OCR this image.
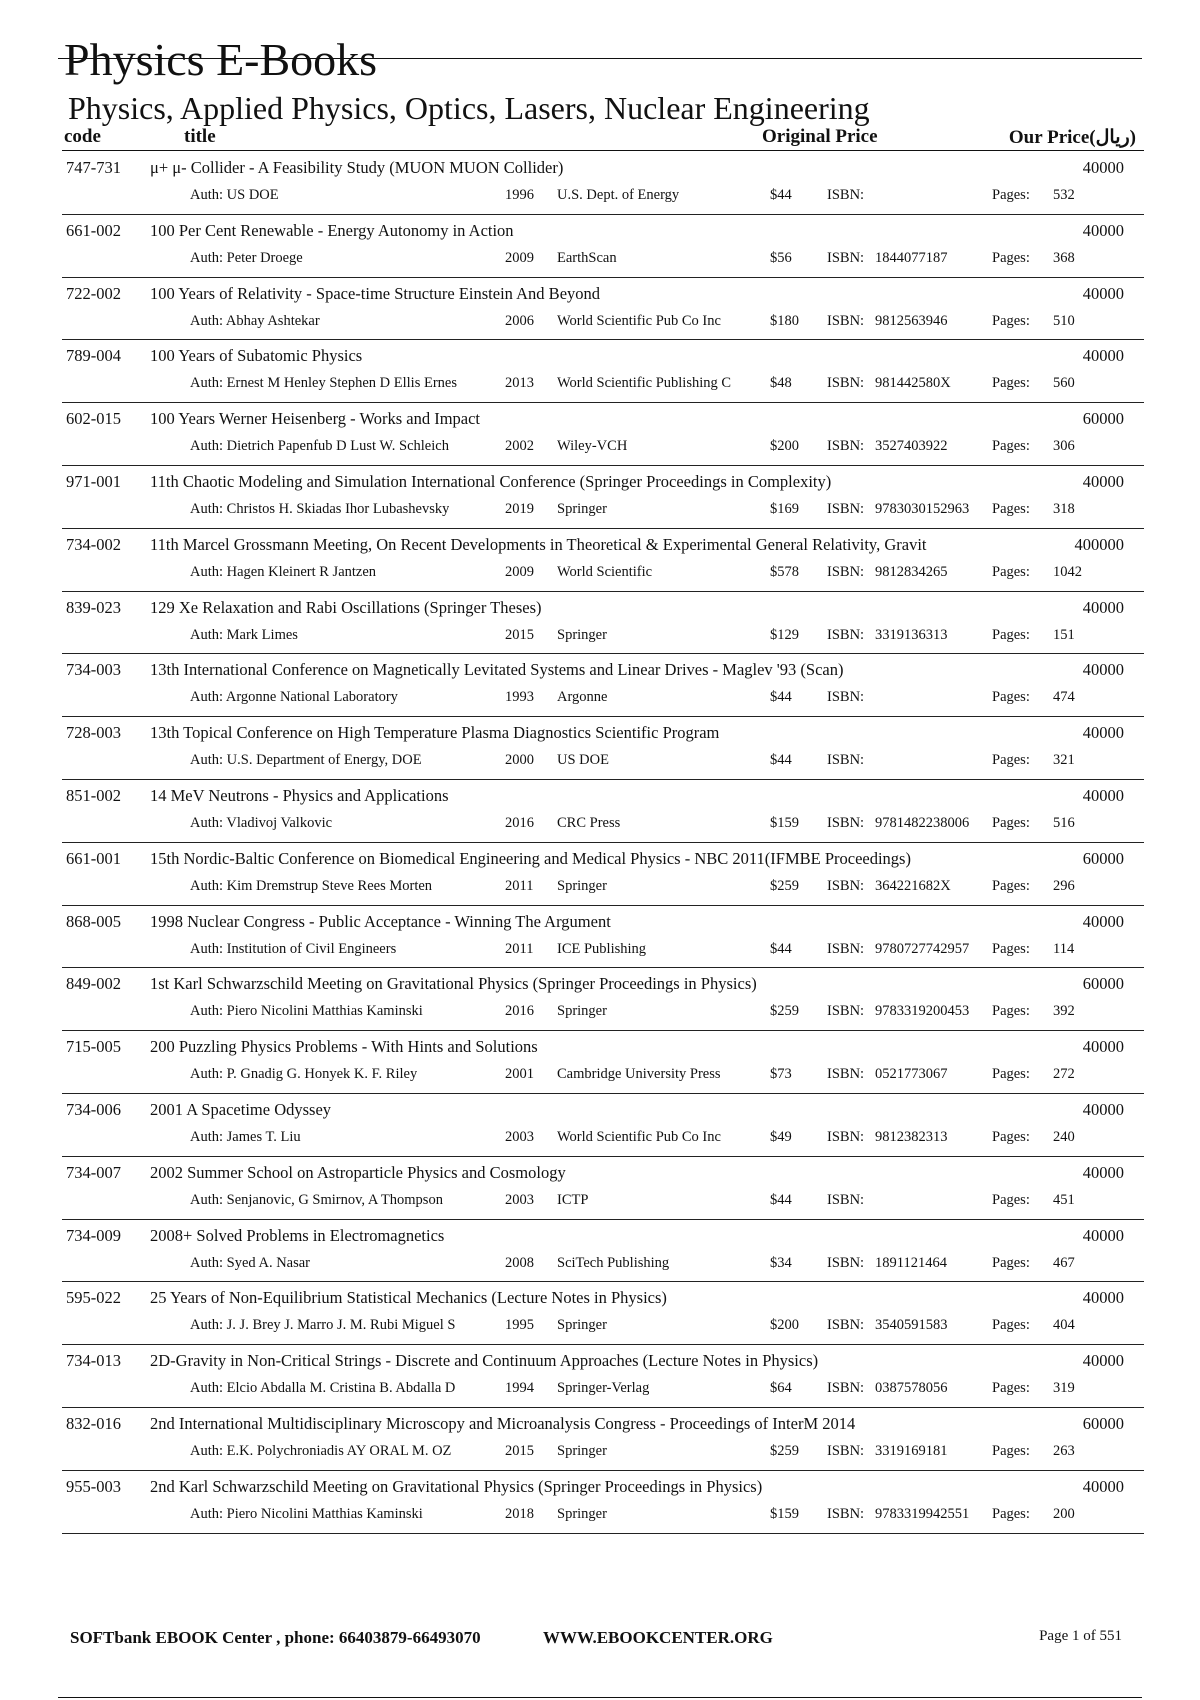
Physics E-Books
Physics, Applied Physics, Optics, Lasers, Nuclear Engineering
code	title	Original Price	Our Price(ریال)
747-731 μ+ μ- Collider - A Feasibility Study (MUON MUON Collider)	40000
Auth: US DOE	1996 U.S. Dept. of Energy	$44 ISBN:	Pages: 532
661-002 100 Per Cent Renewable - Energy Autonomy in Action	40000
Auth: Peter Droege	2009 EarthScan	$56 ISBN: 1844077187	Pages: 368
722-002 100 Years of Relativity - Space-time Structure Einstein And Beyond	40000
Auth: Abhay Ashtekar	2006 World Scientific Pub Co Inc	$180 ISBN: 9812563946	Pages: 510
789-004 100 Years of Subatomic Physics	40000
Auth: Ernest M Henley Stephen D Ellis Ernes	2013 World Scientific Publishing C	$48 ISBN: 981442580X	Pages: 560
602-015 100 Years Werner Heisenberg - Works and Impact	60000
Auth: Dietrich Papenfub D Lust W. Schleich	2002 Wiley-VCH	$200 ISBN: 3527403922	Pages: 306
971-001 11th Chaotic Modeling and Simulation International Conference (Springer Proceedings in Complexity)	40000
Auth: Christos H. Skiadas Ihor Lubashevsky	2019 Springer	$169 ISBN: 9783030152963 Pages: 318
734-002 11th Marcel Grossmann Meeting, On Recent Developments in Theoretical & Experimental General Relativity, Gravit	400000
Auth: Hagen Kleinert R Jantzen	2009 World Scientific	$578 ISBN: 9812834265	Pages: 1042
839-023 129 Xe Relaxation and Rabi Oscillations (Springer Theses)	40000
Auth: Mark Limes	2015 Springer	$129 ISBN: 3319136313	Pages: 151
734-003 13th International Conference on Magnetically Levitated Systems and Linear Drives - Maglev '93 (Scan)	40000
Auth: Argonne National Laboratory	1993 Argonne	$44 ISBN:	Pages: 474
728-003 13th Topical Conference on High Temperature Plasma Diagnostics Scientific Program	40000
Auth: U.S. Department of Energy, DOE	2000 US DOE	$44 ISBN:	Pages: 321
851-002 14 MeV Neutrons - Physics and Applications	40000
Auth: Vladivoj Valkovic	2016 CRC Press	$159 ISBN: 9781482238006 Pages: 516
661-001 15th Nordic-Baltic Conference on Biomedical Engineering and Medical Physics - NBC 2011(IFMBE Proceedings)	60000
Auth: Kim Dremstrup Steve Rees Morten	2011 Springer	$259 ISBN: 364221682X	Pages: 296
868-005 1998 Nuclear Congress - Public Acceptance - Winning The Argument	40000
Auth: Institution of Civil Engineers	2011 ICE Publishing	$44 ISBN: 9780727742957 Pages: 114
849-002 1st Karl Schwarzschild Meeting on Gravitational Physics (Springer Proceedings in Physics)	60000
Auth: Piero Nicolini Matthias Kaminski	2016 Springer	$259 ISBN: 9783319200453 Pages: 392
715-005 200 Puzzling Physics Problems - With Hints and Solutions	40000
Auth: P. Gnadig G. Honyek K. F. Riley	2001 Cambridge University Press	$73 ISBN: 0521773067	Pages: 272
734-006 2001 A Spacetime Odyssey	40000
Auth: James T. Liu	2003 World Scientific Pub Co Inc	$49 ISBN: 9812382313	Pages: 240
734-007 2002 Summer School on Astroparticle Physics and Cosmology	40000
Auth: Senjanovic, G Smirnov, A Thompson	2003 ICTP	$44 ISBN:	Pages: 451
734-009 2008+ Solved Problems in Electromagnetics	40000
Auth: Syed A. Nasar	2008 SciTech Publishing	$34 ISBN: 1891121464	Pages: 467
595-022 25 Years of Non-Equilibrium Statistical Mechanics (Lecture Notes in Physics)	40000
Auth: J. J. Brey J. Marro J. M. Rubi Miguel S	1995 Springer	$200 ISBN: 3540591583	Pages: 404
734-013 2D-Gravity in Non-Critical Strings - Discrete and Continuum Approaches (Lecture Notes in Physics)	40000
Auth: Elcio Abdalla M. Cristina B. Abdalla D	1994 Springer-Verlag	$64 ISBN: 0387578056	Pages: 319
832-016 2nd International Multidisciplinary Microscopy and Microanalysis Congress - Proceedings of InterM 2014	60000
Auth: E.K. Polychroniadis AY ORAL M. OZ	2015 Springer	$259 ISBN: 3319169181	Pages: 263
955-003 2nd Karl Schwarzschild Meeting on Gravitational Physics (Springer Proceedings in Physics)	40000
Auth: Piero Nicolini Matthias Kaminski	2018 Springer	$159 ISBN: 9783319942551 Pages: 200
SOFTbank EBOOK Center , phone: 66403879-66493070	WWW.EBOOKCENTER.ORG	Page 1 of 551
